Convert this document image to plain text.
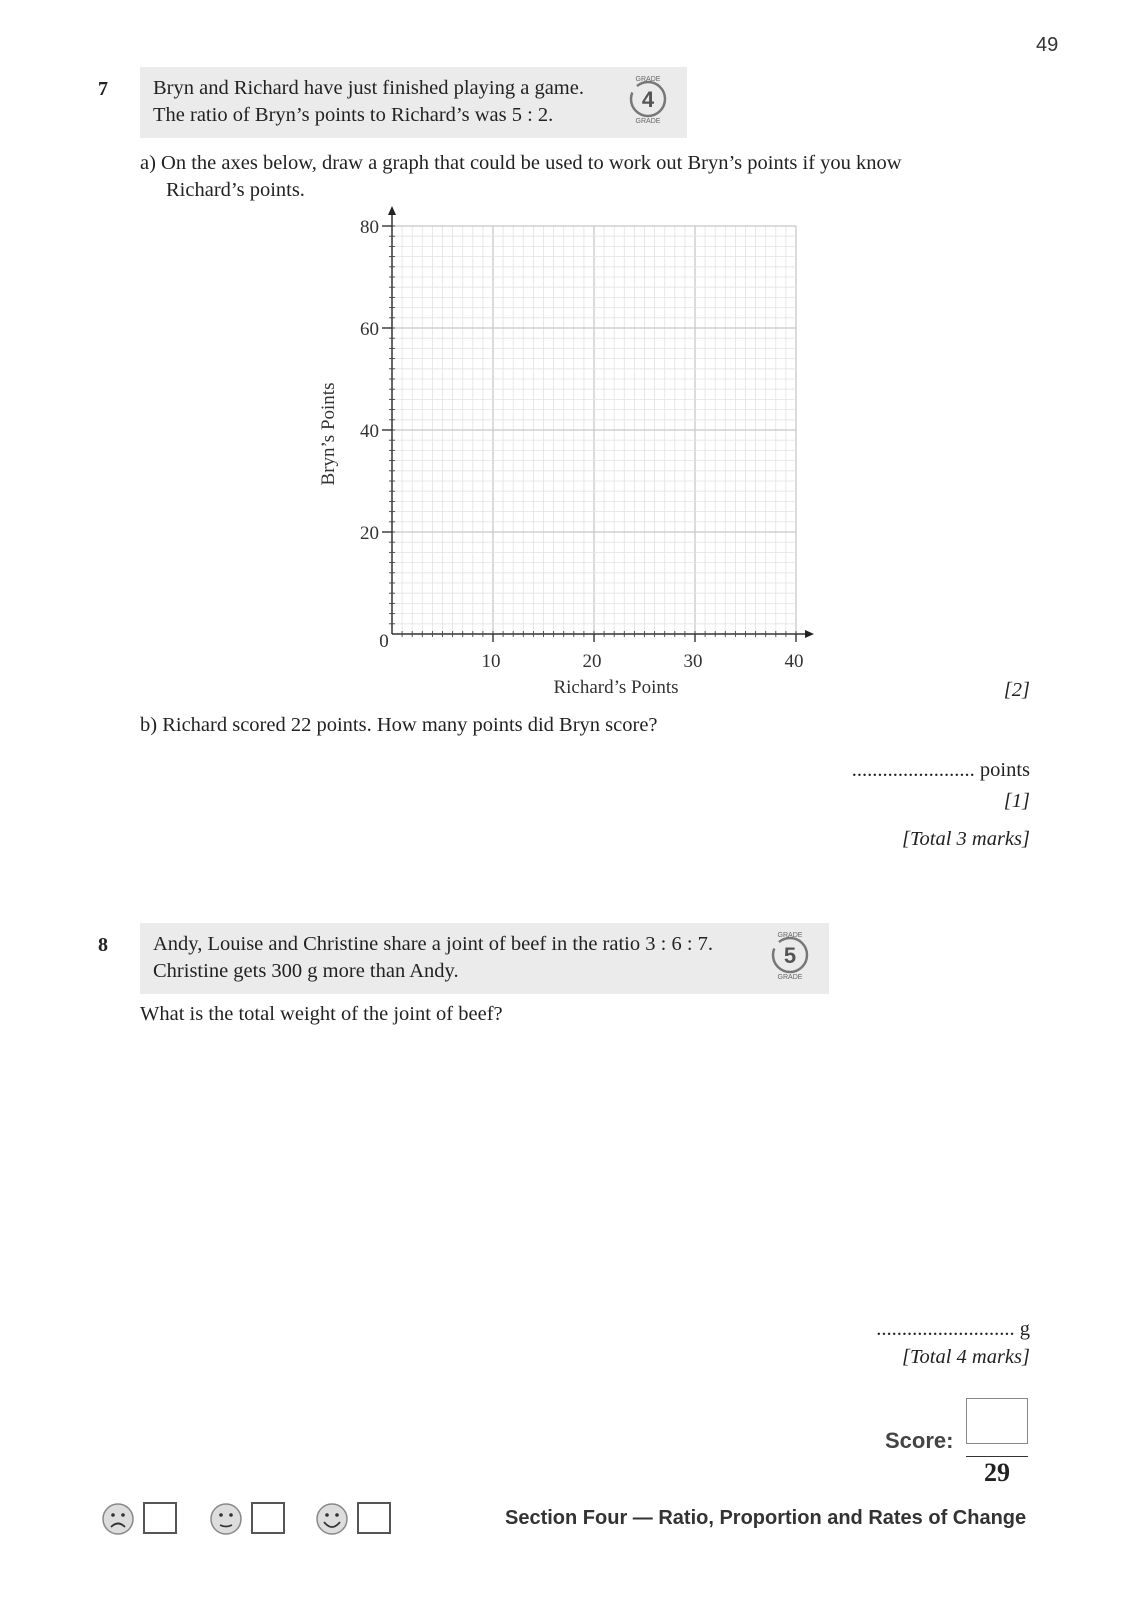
49
7 Bryn and Richard have just finished playing a game.
The ratio of Bryn’s points to Richard’s was 5 : 2.
4
GRADE
GRADE
a) On the axes below, draw a graph that could be used to work out Bryn’s points if you know
Richard’s points.
10	20	30	40
20
40
60
80
0
Richard’s Points
Bryn’s Points
[2]
b) Richard scored 22 points. How many points did Bryn score?
........................ points
[1]
[Total 3 marks]
8 Andy, Louise and Christine share a joint of beef in the ratio 3 : 6 : 7.
Christine gets 300 g more than Andy.
5
GRADE
GRADE
What is the total weight of the joint of beef?
........................... g
[Total 4 marks]
Score:
29
Section Four — Ratio, Proportion and Rates of Change
